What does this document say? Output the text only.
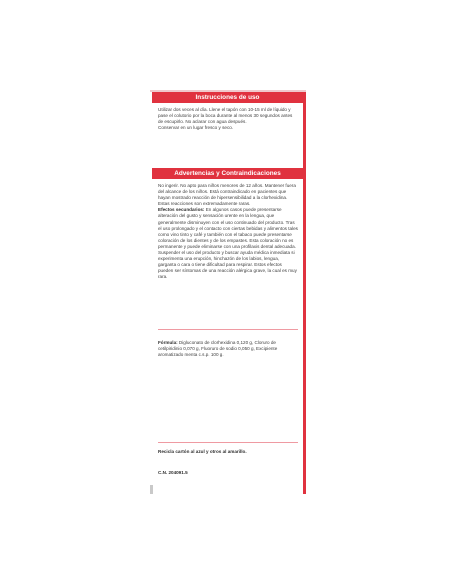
Instrucciones de uso

Utilizar dos veces al día. Llene el tapón con 10-15 ml de líquido y pase el colutorio por la boca durante al menos 30 segundos antes de escupirlo. No aclarar con agua después.

Conservar en un lugar fresco y seco.

Advertencias y Contraindicaciones

No ingerir. No apto para niños menores de 12 años. Mantener fuera del alcance de los niños. Está contraindicado en pacientes que hayan mostrado reacción de hipersensibilidad a la clorhexidina. Estas reacciones son extremadamente raras.

Efectos secundarios: En algunos casos puede presentarse alteración del gusto y sensación urente en la lengua, que generalmente disminuyen con el uso continuado del producto. Tras el uso prolongado y el contacto con ciertas bebidas y alimentos tales como vino tinto y café y también con el tabaco puede presentarse coloración de los dientes y de los empastes. Esta coloración no es permanente y puede eliminarse con una profilaxis dental adecuada. Suspender el uso del producto y buscar ayuda médica inmediata si experimenta una erupción, hinchazón de los labios, lengua, garganta o cara o tiene dificultad para respirar. Estos efectos pueden ser síntomas de una reacción alérgica grave, la cual es muy rara.

Fórmula: Digluconato de clorhexidina 0,120 g, Cloruro de cetilpiridinio 0,070 g, Fluoruro de sodio 0,050 g, Excipiente aromatizado menta c.s.p. 100 g.

Recicla cartón al azul y otros al amarillo.

C.N. 204091.5
